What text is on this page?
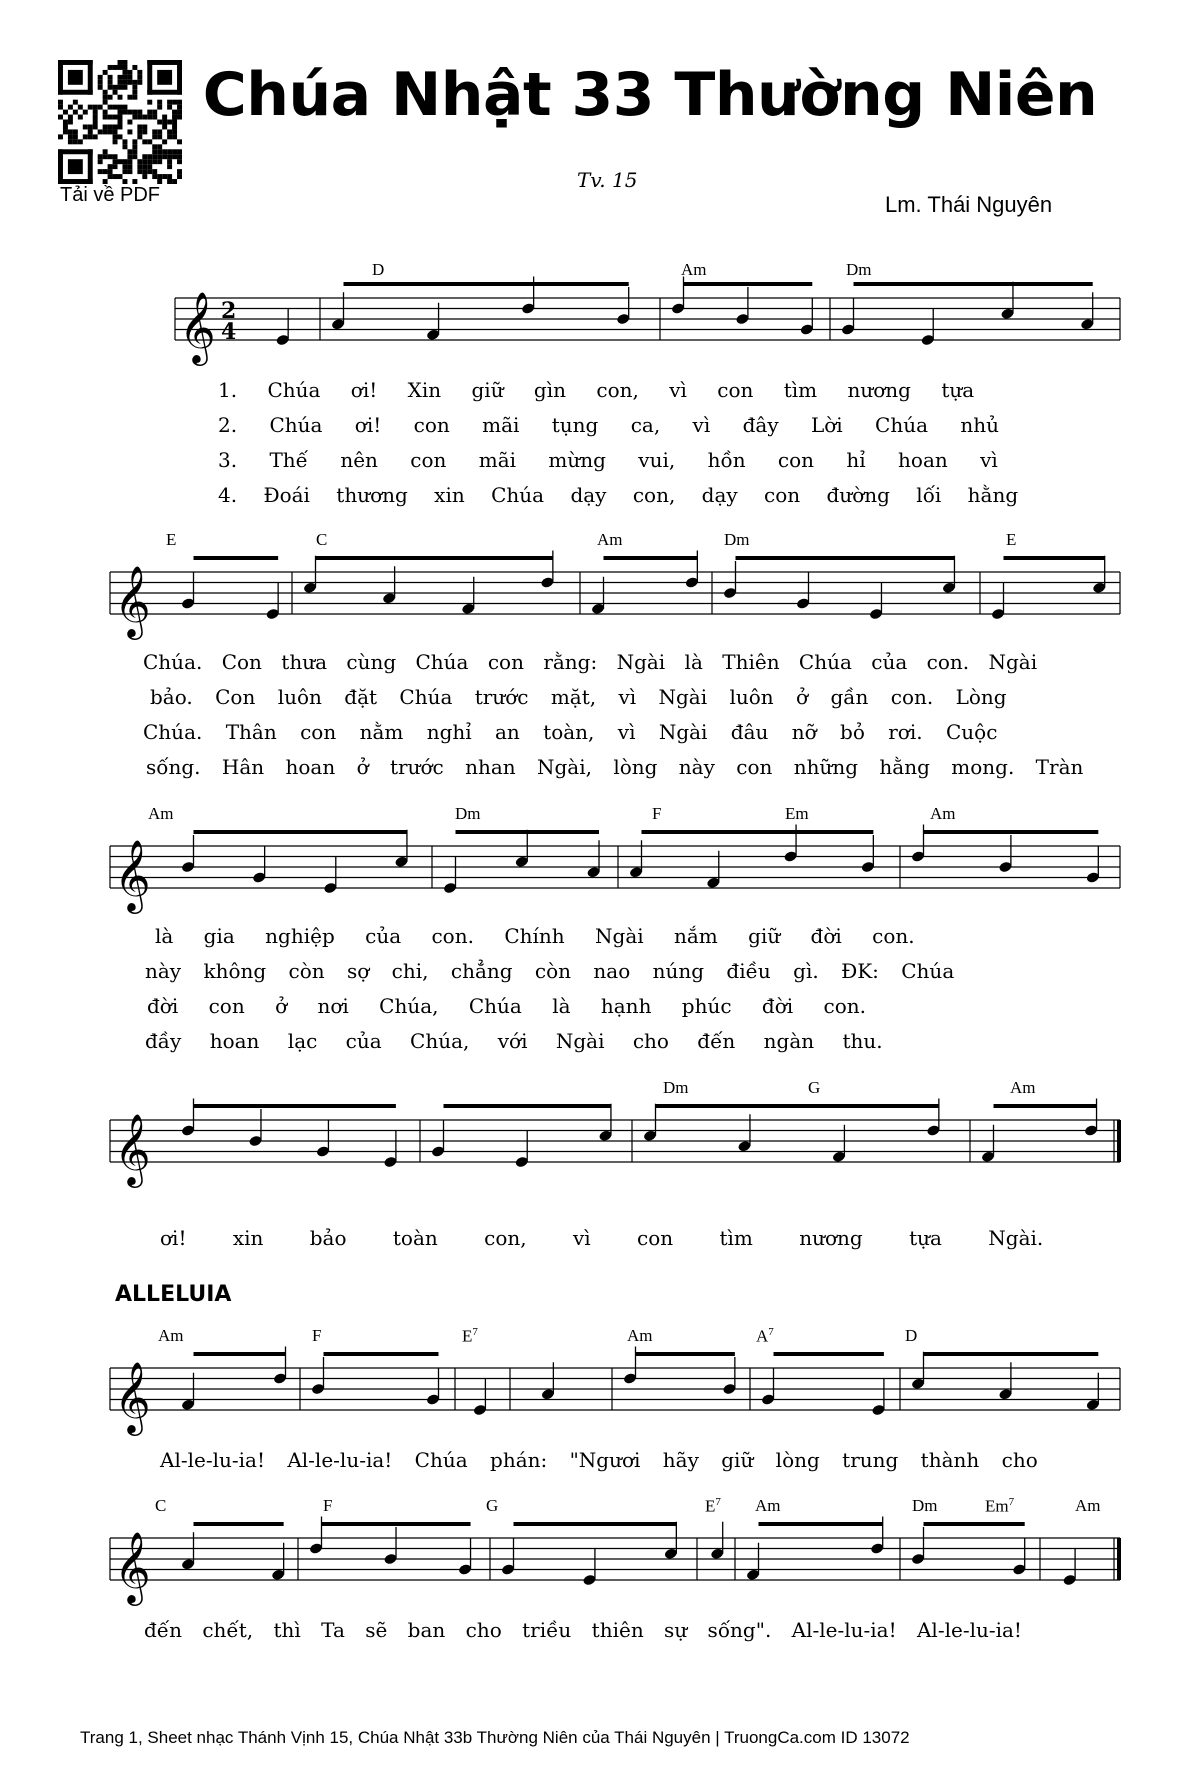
Tải về PDF
Chúa Nhật 33 Thường Niên
Tv. 15
Lm. Thái Nguyên
D	Am	Dm
E	C	Am	Dm	E
Am	Dm	F	Em	Am
Dm	G	Am
Am	F	$E^7$	Am	$A^7$	D
C	F	G	$E^7$ Am	Dm	Em$^7$	Am
𝄞 2
4
𝄞
𝄞
𝄞
𝄞
𝄞
1. Chúa ơi! Xin giữ gìn con, vì con tìm nương tựa
2. Chúa ơi! con mãi tụng ca, vì đây Lời Chúa nhủ
3. Thế nên con mãi mừng vui, hồn con hỉ hoan vì
4. Đoái thương xin Chúa dạy con, dạy con đường lối hằng
Chúa. Con thưa cùng Chúa con rằng: Ngài là Thiên Chúa của con. Ngài
bảo. Con luôn đặt Chúa trước mặt, vì Ngài luôn ở gần con. Lòng
Chúa. Thân con nằm nghỉ an toàn, vì Ngài đâu nỡ bỏ rơi. Cuộc
sống. Hân hoan ở trước nhan Ngài, lòng này con những hằng mong. Tràn
là gia nghiệp của con. Chính Ngài nắm giữ đời con.
này không còn sợ chi, chẳng còn nao núng điều gì. ĐK: Chúa
đời con ở nơi Chúa, Chúa là hạnh phúc đời con.
đầy hoan lạc của Chúa, với Ngài cho đến ngàn thu.
ơi! xin bảo toàn con, vì con tìm nương tựa Ngài.
ALLELUIA
Al-le-lu-ia! Al-le-lu-ia! Chúa phán: "Ngươi hãy giữ lòng trung thành cho
đến chết, thì Ta sẽ ban cho triều thiên sự sống". Al-le-lu-ia! Al-le-lu-ia!
Trang 1, Sheet nhạc Thánh Vịnh 15, Chúa Nhật 33b Thường Niên của Thái Nguyên | TruongCa.com ID 13072
